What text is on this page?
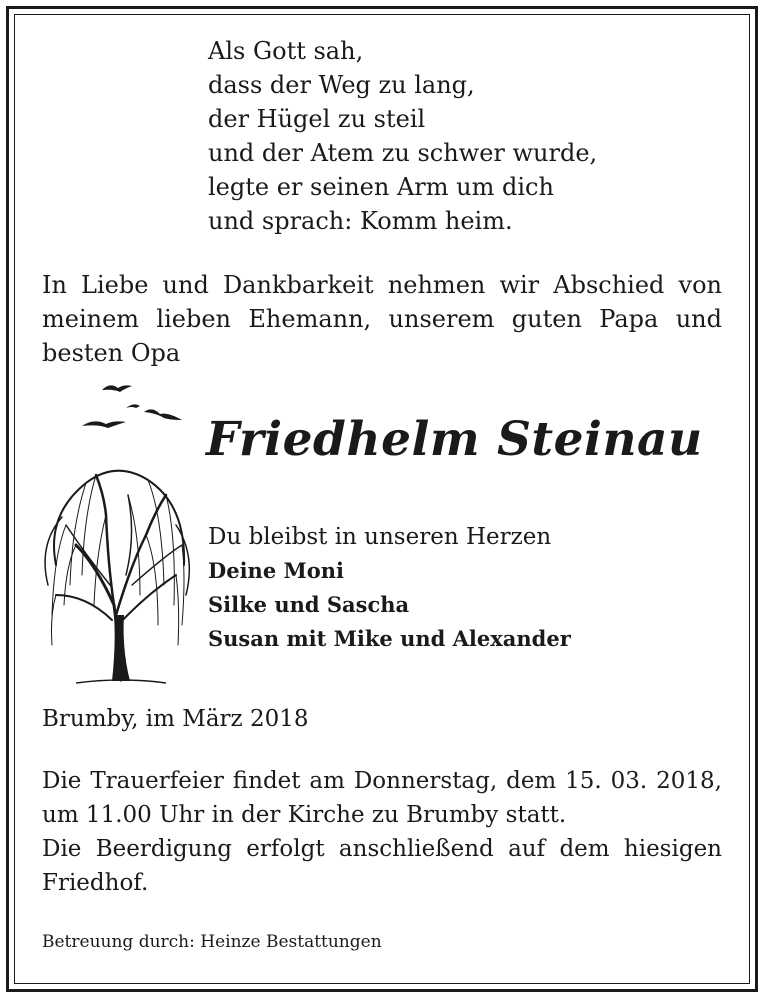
Als Gott sah,
dass der Weg zu lang,
der Hügel zu steil
und der Atem zu schwer wurde,
legte er seinen Arm um dich
und sprach: Komm heim.
In Liebe und Dankbarkeit nehmen wir Abschied von meinem lieben Ehemann, unserem guten Papa und besten Opa
Friedhelm Steinau
Du bleibst in unseren Herzen
Deine Moni
Silke und Sascha
Susan mit Mike und Alexander
Brumby, im März 2018
Die Trauerfeier findet am Donnerstag, dem 15. 03. 2018,
um 11.00 Uhr in der Kirche zu Brumby statt.
Die Beerdigung erfolgt anschließend auf dem hiesigen
Friedhof.
Betreuung durch: Heinze Bestattungen
